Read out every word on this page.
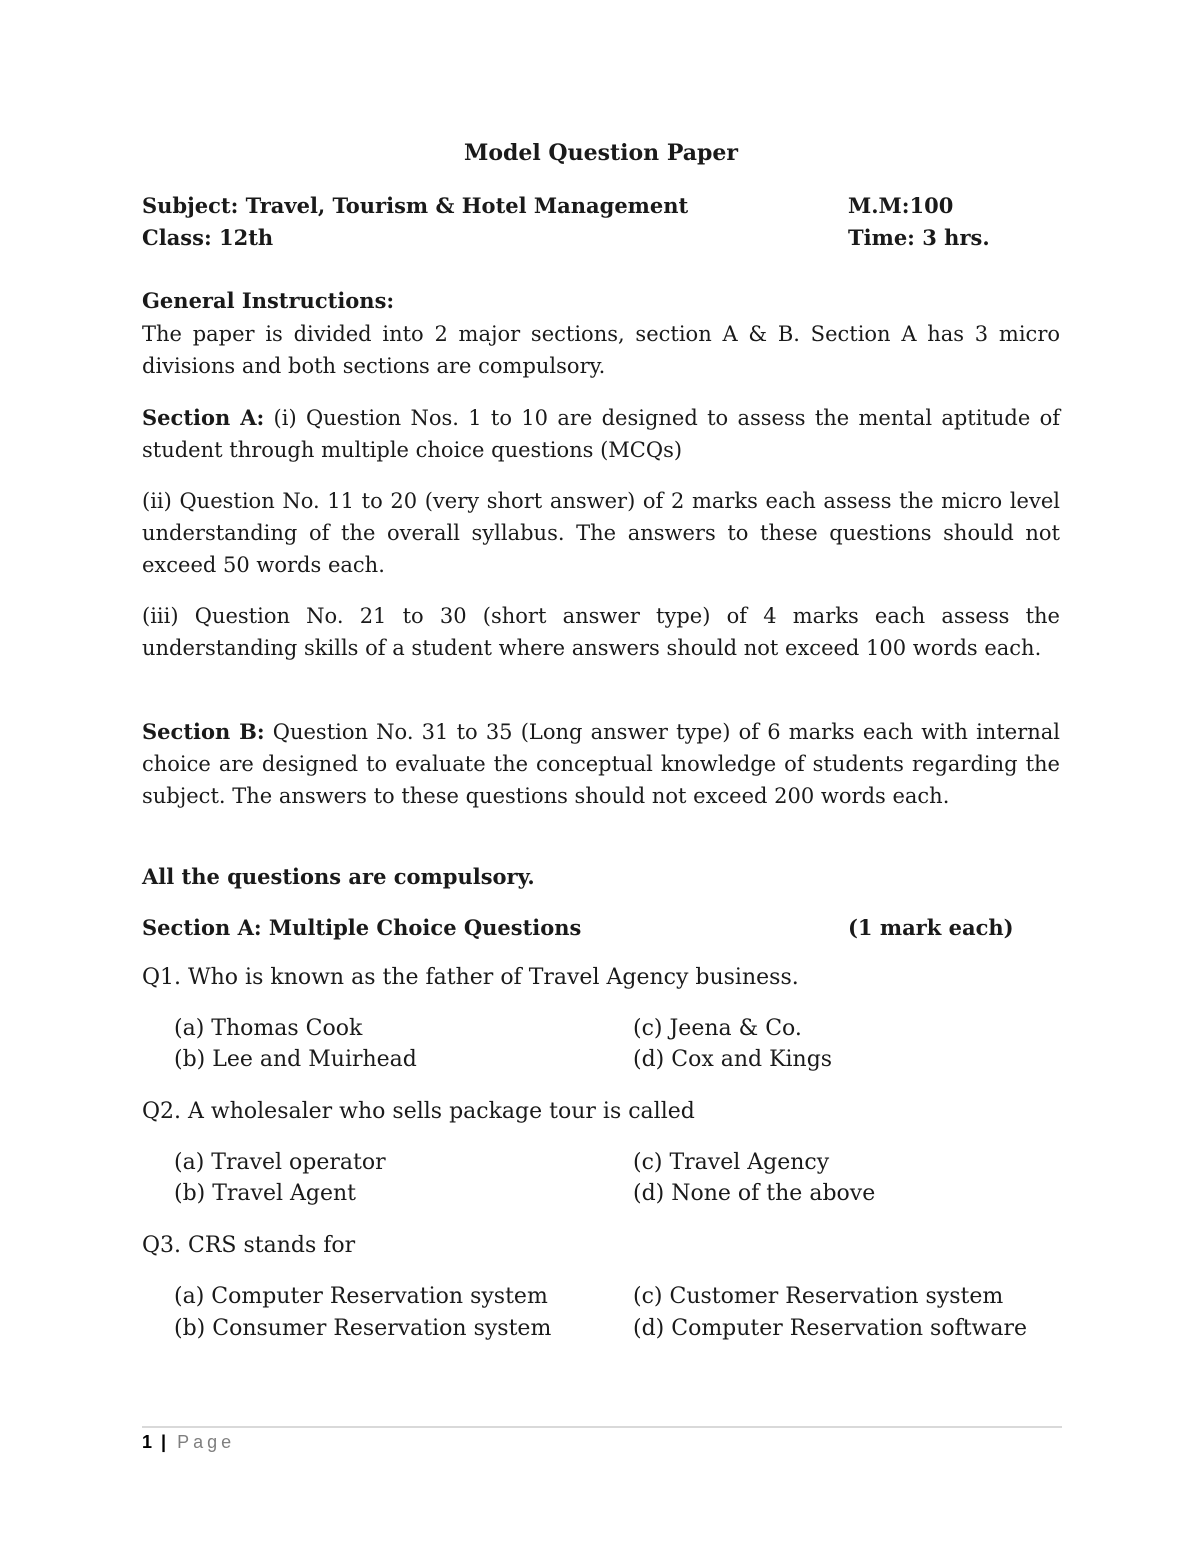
Model Question Paper
Subject: Travel, Tourism & Hotel Management	M.M:100
Class: 12th	Time: 3 hrs.
General Instructions:

The paper is divided into 2 major sections, section A & B. Section A has 3 micro divisions and both sections are compulsory.

Section A: (i) Question Nos. 1 to 10 are designed to assess the mental aptitude of student through multiple choice questions (MCQs)

(ii) Question No. 11 to 20 (very short answer) of 2 marks each assess the micro level understanding of the overall syllabus. The answers to these questions should not exceed 50 words each.

(iii) Question No. 21 to 30 (short answer type) of 4 marks each assess the understanding skills of a student where answers should not exceed 100 words each.

Section B: Question No. 31 to 35 (Long answer type) of 6 marks each with internal choice are designed to evaluate the conceptual knowledge of students regarding the subject. The answers to these questions should not exceed 200 words each.

All the questions are compulsory.
Section A: Multiple Choice Questions	(1 mark each)
Q1. Who is known as the father of Travel Agency business.
(a) Thomas Cook
(b) Lee and Muirhead
(c) Jeena & Co.
(d) Cox and Kings
Q2. A wholesaler who sells package tour is called
(a) Travel operator
(b) Travel Agent
(c) Travel Agency
(d) None of the above
Q3. CRS stands for
(a) Computer Reservation system
(b) Consumer Reservation system
(c) Customer Reservation system
(d) Computer Reservation software
1 | Page
